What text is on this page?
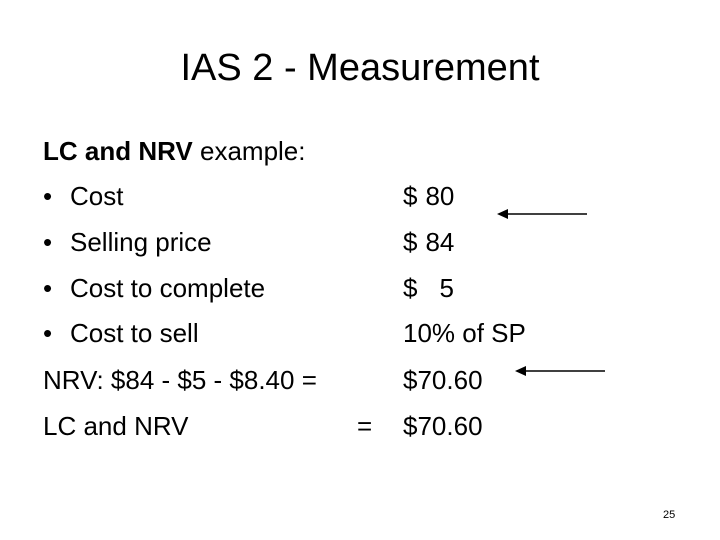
IAS 2 - Measurement
LC and NRV example:
• Cost	$ 80
• Selling price	$ 84
• Cost to complete	$ 5
• Cost to sell	10% of SP
NRV: $84 - $5 - $8.40 =	$70.60
LC and NRV	= $70.60
25
